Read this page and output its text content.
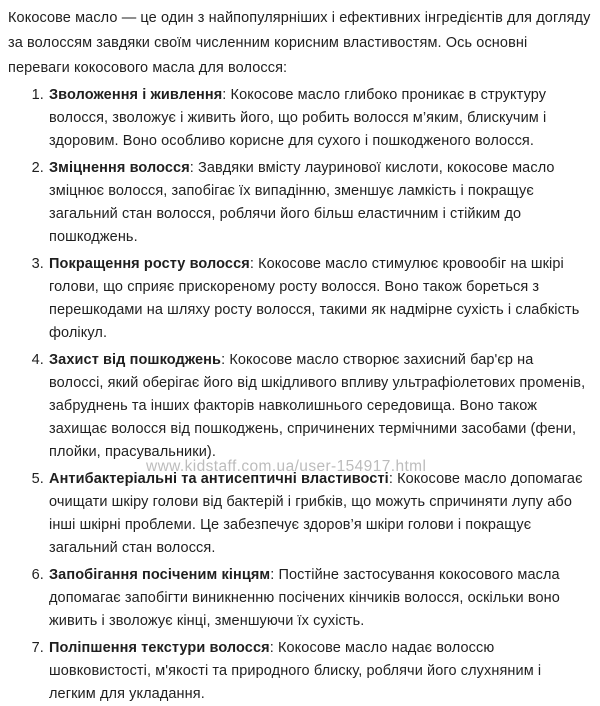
Кокосове масло — це один з найпопулярніших і ефективних інгредієнтів для догляду за волоссям завдяки своїм численним корисним властивостям. Ось основні переваги кокосового масла для волосся:

1. Зволоження і живлення: Кокосове масло глибоко проникає в структуру волосся, зволожує і живить його, що робить волосся м’яким, блискучим і здоровим. Воно особливо корисне для сухого і пошкодженого волосся.
2. Зміцнення волосся: Завдяки вмісту лауринової кислоти, кокосове масло зміцнює волосся, запобігає їх випадінню, зменшує ламкість і покращує загальний стан волосся, роблячи його більш еластичним і стійким до пошкоджень.
3. Покращення росту волосся: Кокосове масло стимулює кровообіг на шкірі голови, що сприяє прискореному росту волосся. Воно також бореться з перешкодами на шляху росту волосся, такими як надмірне сухість і слабкість фолікул.
4. Захист від пошкоджень: Кокосове масло створює захисний бар'єр на волоссі, який оберігає його від шкідливого впливу ультрафіолетових променів, забруднень та інших факторів навколишнього середовища. Воно також захищає волосся від пошкоджень, спричинених термічними засобами (фени, плойки, прасувальники).
5. Антибактеріальні та антисептичні властивості: Кокосове масло допомагає очищати шкіру голови від бактерій і грибків, що можуть спричиняти лупу або інші шкірні проблеми. Це забезпечує здоров’я шкіри голови і покращує загальний стан волосся.
6. Запобігання посіченим кінцям: Постійне застосування кокосового масла допомагає запобігти виникненню посічених кінчиків волосся, оскільки воно живить і зволожує кінці, зменшуючи їх сухість.
7. Поліпшення текстури волосся: Кокосове масло надає волоссю шовковистості, м'якості та природного блиску, роблячи його слухняним і легким для укладання.
www.kidstaff.com.ua/user-154917.html
